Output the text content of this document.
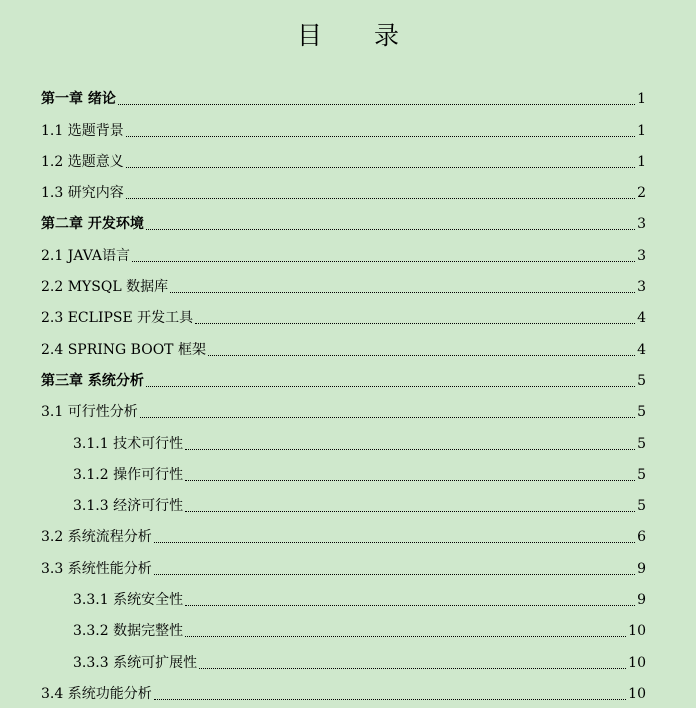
目 录
第一章 绪论	1
1.1 选题背景	1
1.2 选题意义	1
1.3 研究内容	2
第二章 开发环境	3
2.1 JAVA语言	3
2.2 MYSQL 数据库	3
2.3 ECLIPSE 开发工具	4
2.4 SPRING BOOT 框架	4
第三章 系统分析	5
3.1 可行性分析	5
3.1.1 技术可行性	5
3.1.2 操作可行性	5
3.1.3 经济可行性	5
3.2 系统流程分析	6
3.3 系统性能分析	9
3.3.1 系统安全性	9
3.3.2 数据完整性	10
3.3.3 系统可扩展性	10
3.4 系统功能分析	10
